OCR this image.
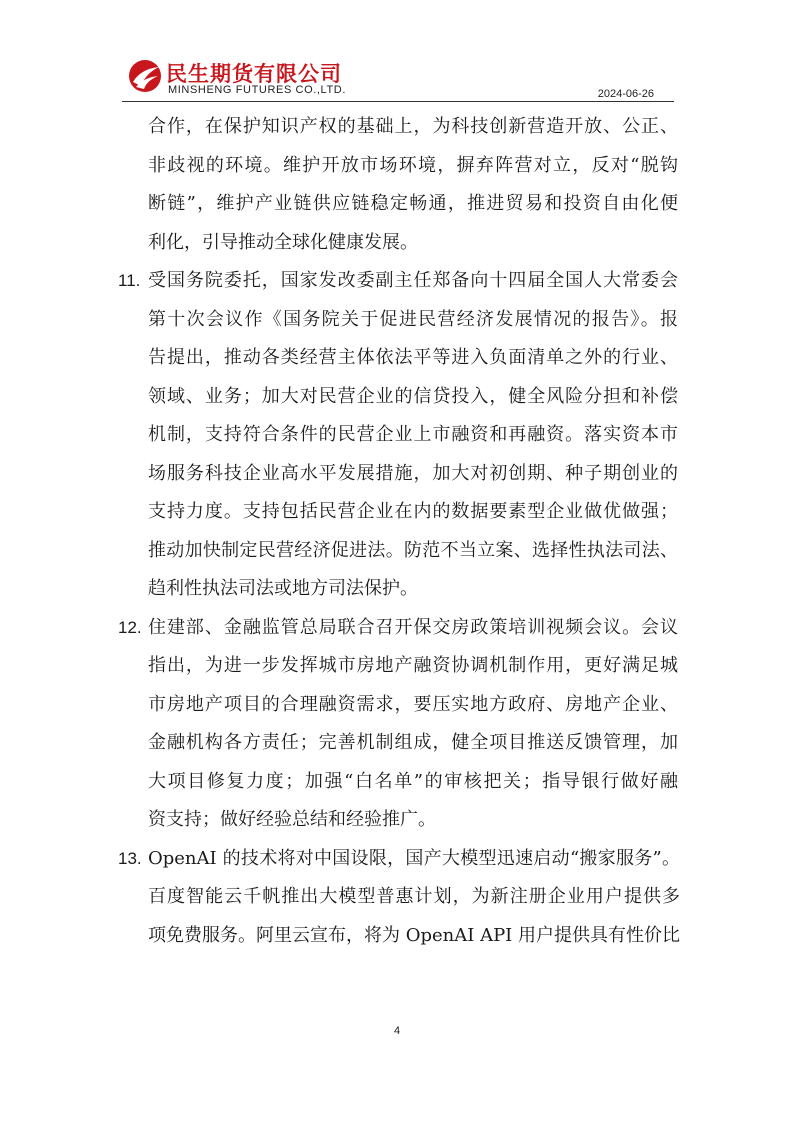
民生期货有限公司
MINSHENG FUTURES CO.,LTD.	2024-06-26
合作，在保护知识产权的基础上，为科技创新营造开放、公正、
非歧视的环境。维护开放市场环境，摒弃阵营对立，反对“脱钩
断链”，维护产业链供应链稳定畅通，推进贸易和投资自由化便
利化，引导推动全球化健康发展。
11. 受国务院委托，国家发改委副主任郑备向十四届全国人大常委会
第十次会议作《国务院关于促进民营经济发展情况的报告》。报
告提出，推动各类经营主体依法平等进入负面清单之外的行业、
领域、业务；加大对民营企业的信贷投入，健全风险分担和补偿
机制，支持符合条件的民营企业上市融资和再融资。落实资本市
场服务科技企业高水平发展措施，加大对初创期、种子期创业的
支持力度。支持包括民营企业在内的数据要素型企业做优做强；
推动加快制定民营经济促进法。防范不当立案、选择性执法司法、
趋利性执法司法或地方司法保护。
12. 住建部、金融监管总局联合召开保交房政策培训视频会议。会议
指出，为进一步发挥城市房地产融资协调机制作用，更好满足城
市房地产项目的合理融资需求，要压实地方政府、房地产企业、
金融机构各方责任；完善机制组成，健全项目推送反馈管理，加
大项目修复力度；加强“白名单”的审核把关；指导银行做好融
资支持；做好经验总结和经验推广。
13. OpenAI 的技术将对中国设限，国产大模型迅速启动“搬家服务”。
百度智能云千帆推出大模型普惠计划，为新注册企业用户提供多
项免费服务。阿里云宣布，将为 OpenAI API 用户提供具有性价比
4
